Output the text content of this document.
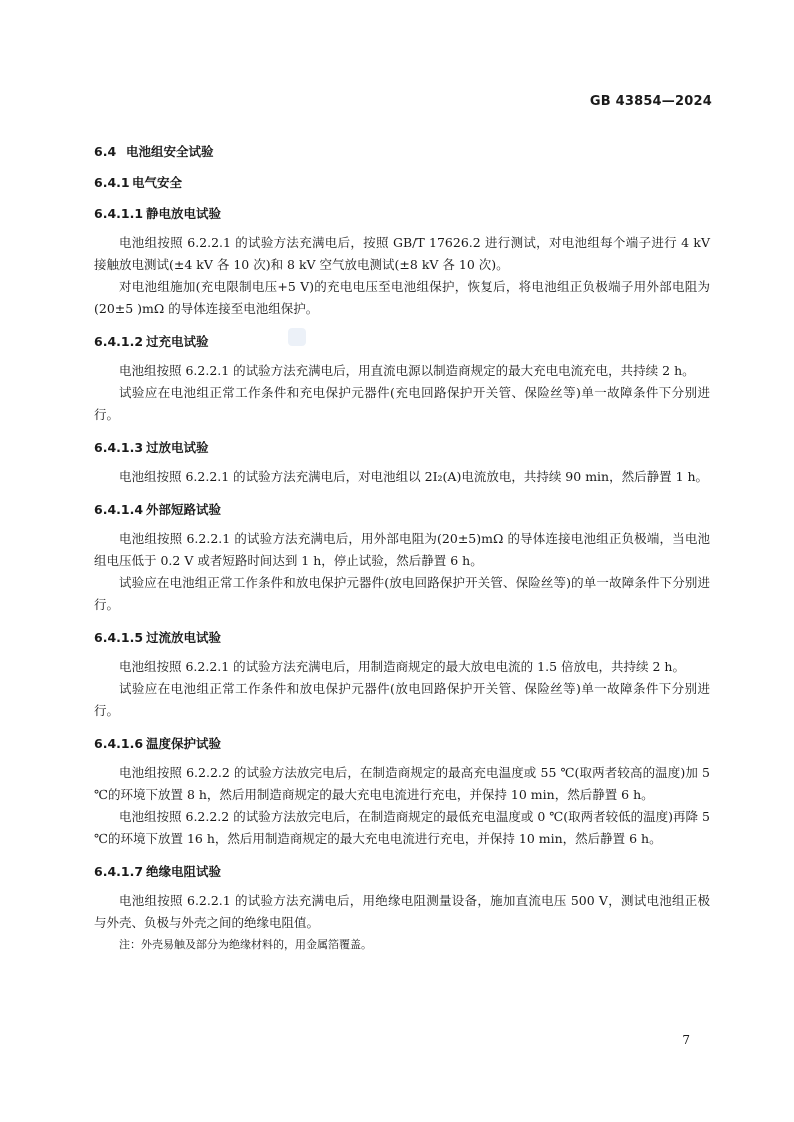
GB 43854—2024
6.4 电池组安全试验
6.4.1 电气安全
6.4.1.1 静电放电试验

电池组按照 6.2.2.1 的试验方法充满电后，按照 GB/T 17626.2 进行测试，对电池组每个端子进行 4 kV 接触放电测试(±4 kV 各 10 次)和 8 kV 空气放电测试(±8 kV 各 10 次)。

对电池组施加(充电限制电压+5 V)的充电电压至电池组保护，恢复后，将电池组正负极端子用外部电阻为(20±5 )mΩ 的导体连接至电池组保护。

6.4.1.2 过充电试验

电池组按照 6.2.2.1 的试验方法充满电后，用直流电源以制造商规定的最大充电电流充电，共持续 2 h。

试验应在电池组正常工作条件和充电保护元器件(充电回路保护开关管、保险丝等)单一故障条件下分别进行。

6.4.1.3 过放电试验

电池组按照 6.2.2.1 的试验方法充满电后，对电池组以 2I₂(A)电流放电，共持续 90 min，然后静置 1 h。

6.4.1.4 外部短路试验

电池组按照 6.2.2.1 的试验方法充满电后，用外部电阻为(20±5)mΩ 的导体连接电池组正负极端，当电池组电压低于 0.2 V 或者短路时间达到 1 h，停止试验，然后静置 6 h。

试验应在电池组正常工作条件和放电保护元器件(放电回路保护开关管、保险丝等)的单一故障条件下分别进行。

6.4.1.5 过流放电试验

电池组按照 6.2.2.1 的试验方法充满电后，用制造商规定的最大放电电流的 1.5 倍放电，共持续 2 h。

试验应在电池组正常工作条件和放电保护元器件(放电回路保护开关管、保险丝等)单一故障条件下分别进行。

6.4.1.6 温度保护试验

电池组按照 6.2.2.2 的试验方法放完电后，在制造商规定的最高充电温度或 55 ℃(取两者较高的温度)加 5 ℃的环境下放置 8 h，然后用制造商规定的最大充电电流进行充电，并保持 10 min，然后静置 6 h。

电池组按照 6.2.2.2 的试验方法放完电后，在制造商规定的最低充电温度或 0 ℃(取两者较低的温度)再降 5 ℃的环境下放置 16 h，然后用制造商规定的最大充电电流进行充电，并保持 10 min，然后静置 6 h。

6.4.1.7 绝缘电阻试验

电池组按照 6.2.2.1 的试验方法充满电后，用绝缘电阻测量设备，施加直流电压 500 V，测试电池组正极与外壳、负极与外壳之间的绝缘电阻值。

注：外壳易触及部分为绝缘材料的，用金属箔覆盖。
7
